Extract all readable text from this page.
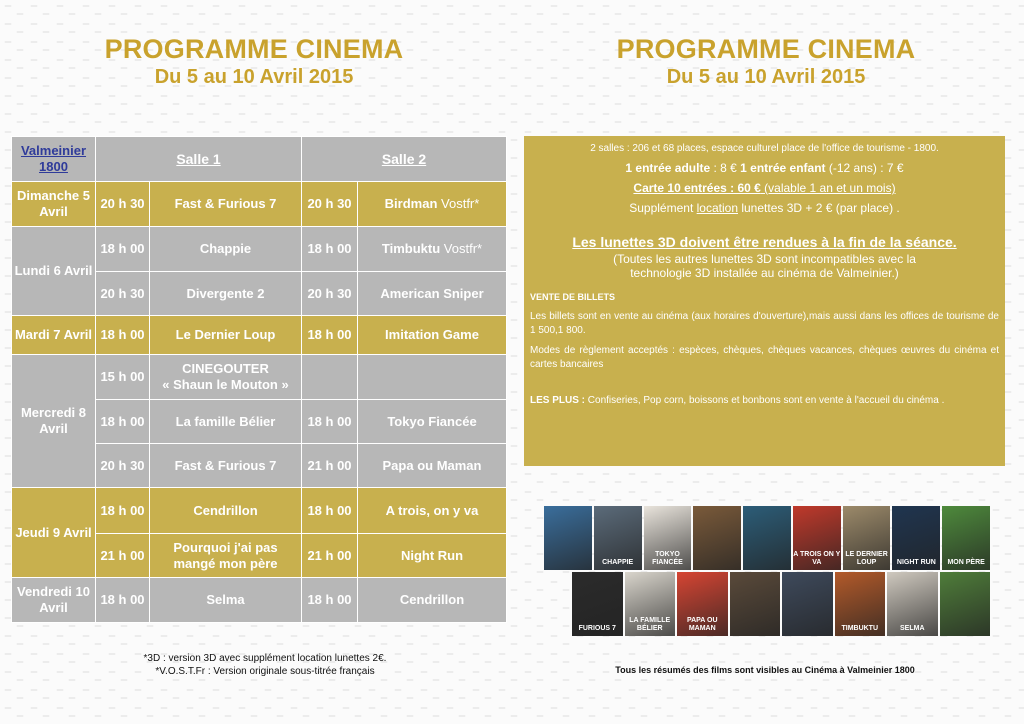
PROGRAMME CINEMA
Du 5 au 10 Avril 2015
PROGRAMME CINEMA
Du 5 au 10 Avril 2015
Valmeinier 1800	Salle 1		Salle 2	
Dimanche 5 Avril	20 h 30	Fast & Furious 7	20 h 30	Birdman Vostfr*
Lundi 6 Avril	18 h 00	Chappie	18 h 00	Timbuktu Vostfr*
	20 h 30	Divergente 2	20 h 30	American Sniper
Mardi 7 Avril	18 h 00	Le Dernier Loup	18 h 00	Imitation Game
Mercredi 8 Avril	15 h 00	CINEGOUTER
« Shaun le Mouton »		

	18 h 00	La famille Bélier	18 h 00	Tokyo Fiancée
	20 h 30	Fast & Furious 7	21 h 00	Papa ou Maman
Jeudi 9 Avril	18 h 00	Cendrillon	18 h 00	A trois, on y va
	21 h 00	Pourquoi j'ai pas mangé mon père	21 h 00	Night Run
Vendredi 10 Avril	18 h 00	Selma	18 h 00	Cendrillon
2 salles : 206 et 68 places, espace culturel place de l'office de tourisme - 1800.
1 entrée adulte : 8 € 1 entrée enfant (-12 ans) : 7 €
Carte 10 entrées : 60 € (valable 1 an et un mois)
Supplément location lunettes 3D + 2 € (par place) .
Les lunettes 3D doivent être rendues à la fin de la séance.
(Toutes les autres lunettes 3D sont incompatibles avec la technologie 3D installée au cinéma de Valmeinier.)
VENTE DE BILLETS
Les billets sont en vente au cinéma (aux horaires d'ouverture),mais aussi dans les offices de tourisme de 1 500,1 800.
Modes de règlement acceptés : espèces, chèques, chèques vacances, chèques œuvres du cinéma et cartes bancaires
LES PLUS : Confiseries, Pop corn, boissons et bonbons sont en vente à l'accueil du cinéma .
CHAPPIE
TOKYO FIANCÉE
A TROIS ON Y VA
LE DERNIER LOUP	NIGHT RUN	MON PÈRE
FURIOUS 7
LA FAMILLE BÉLIER
PAPA OU MAMAN	TIMBUKTU	SELMA
*3D : version 3D avec supplément location lunettes 2€.
*V.O.S.T.Fr : Version originale sous-titrée français	Tous les résumés des films sont visibles au Cinéma à Valmeinier 1800
